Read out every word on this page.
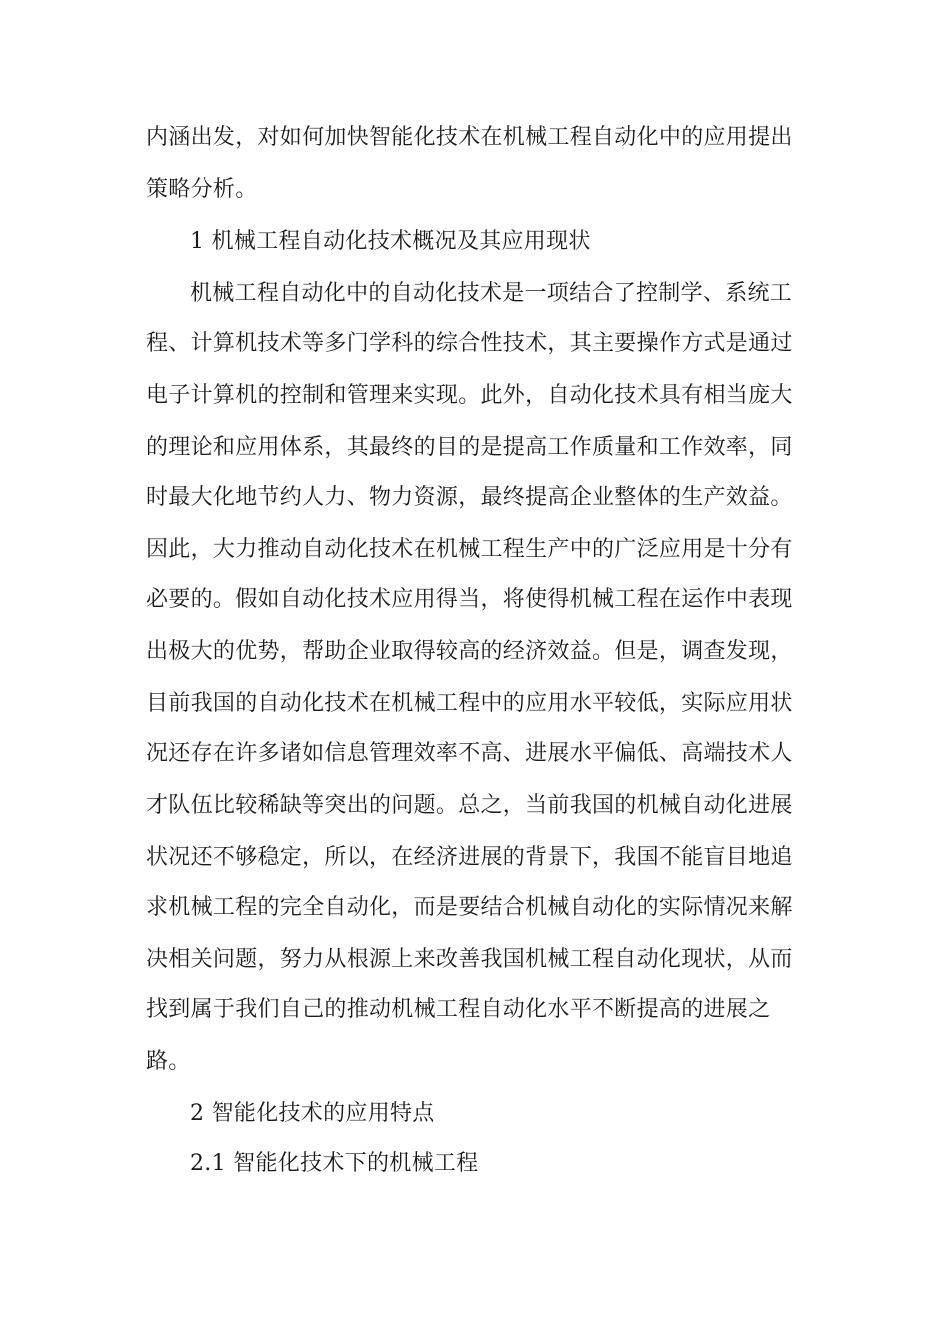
内涵出发，对如何加快智能化技术在机械工程自动化中的应用提出
策略分析。
1 机械工程自动化技术概况及其应用现状
机械工程自动化中的自动化技术是一项结合了控制学、系统工
程、计算机技术等多门学科的综合性技术，其主要操作方式是通过
电子计算机的控制和管理来实现。此外，自动化技术具有相当庞大
的理论和应用体系，其最终的目的是提高工作质量和工作效率，同
时最大化地节约人力、物力资源，最终提高企业整体的生产效益。
因此，大力推动自动化技术在机械工程生产中的广泛应用是十分有
必要的。假如自动化技术应用得当，将使得机械工程在运作中表现
出极大的优势，帮助企业取得较高的经济效益。但是，调查发现，
目前我国的自动化技术在机械工程中的应用水平较低，实际应用状
况还存在许多诸如信息管理效率不高、进展水平偏低、高端技术人
才队伍比较稀缺等突出的问题。总之，当前我国的机械自动化进展
状况还不够稳定，所以，在经济进展的背景下，我国不能盲目地追
求机械工程的完全自动化，而是要结合机械自动化的实际情况来解
决相关问题，努力从根源上来改善我国机械工程自动化现状，从而
找到属于我们自己的推动机械工程自动化水平不断提高的进展之
路。
2 智能化技术的应用特点
2.1 智能化技术下的机械工程
